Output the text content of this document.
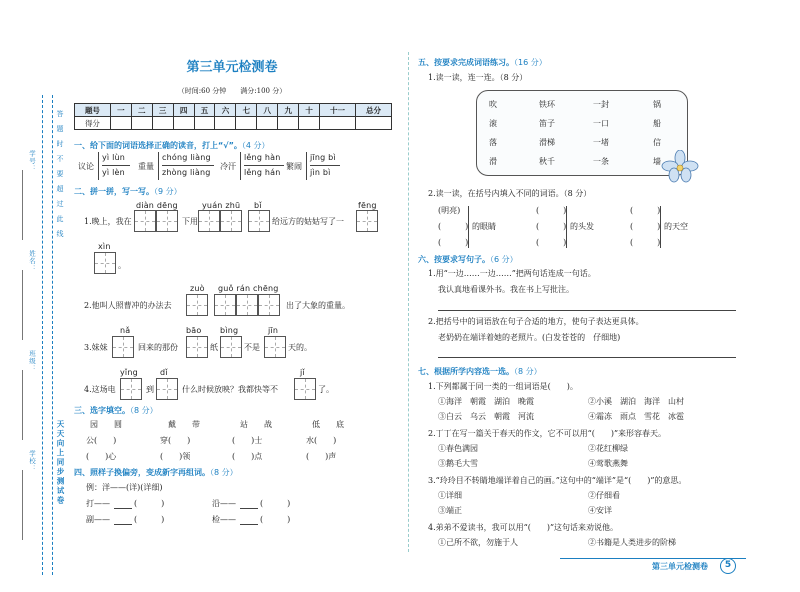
学号：
姓名：
班级：
学校：
答题时不要超过此线
天天向上同步测试卷
第三单元检测卷
（时间:60 分钟　　满分:100 分）
题号	一	二	三	四	五	六	七	八	九	十	十一	总分
得分												
一、给下面的词语选择正确的读音，打上“√”。（4 分）
议论
yì lùn
yì lèn
重量
chóng liàng
zhòng liàng
冷汗
lěng hàn
lěng hán
繁闹
jīng bì
jìn bì
二、拼一拼，写一写。（9 分）
diàn dēng	yuán zhū bǐ	fēng
1.晚上，我在	下用	给远方的姑姑写了一
xìn
。
zuò guǒ rán chēng
2.他叫人照曹冲的办法去	出了大象的重量。
nǎ	bāo bìng	jīn
3.妹妹	回来的那份	纸	不是	天的。
yǐng	dǐ	jǐ
4.这场电	到	什么时候放映？我都快等不	了。
三、选字填空。（8 分）
园　　圆	戴　　带	站　　战	低　　底
公(　　)	穿(　　)	(　　)士	水(　　)
(　　)心	(　　)领	(　　)点	(　　)声
四、照样子换偏旁，变成新字再组词。（8 分）
例：洋——(详)(详细)
打——	(　　　)	沿——	(　　　)
副——	(　　　)	检——	(　　　)
五、按要求完成词语练习。（16 分）
1.读一读，连一连。（8 分）
吹
滚
落
滑
铁环
笛子
滑梯
秋千
一封
一口
一堵
一条
锅
船
信
墙
2.读一读，在括号内填入不同的词语。（8 分）
(明亮)
(　　　)
(　　　)
的眼睛
(　　　)
(　　　)
(　　　)
的头发
(　　　)
(　　　)
(　　　)
的天空
六、按要求写句子。（6 分）
1.用“一边……一边……”把两句话连成一句话。
我认真地看课外书。我在书上写批注。
2.把括号中的词语放在句子合适的地方，使句子表达更具体。
老奶奶在端详着她的老照片。(白发苍苍的　仔细地)
七、根据所学内容选一选。（8 分）
1.下列都属于同一类的一组词语是(　　)。
①海洋　朝霞　湖泊　晚霞	②小溪　湖泊　海洋　山村
③白云　乌云　朝霞　河流	④霜冻　雨点　雪花　冰雹
2.丁丁在写一篇关于春天的作文，它不可以用“(　　)”来形容春天。
①春色满园	②花红柳绿
③鹅毛大雪	④莺歌燕舞
3.“玲玲目不转睛地端详着自己的画。”这句中的“端详”是“(　　)”的意思。
①详细	②仔细看
③端正	④安详
4.弟弟不爱读书，我可以用“(　　)”这句话来劝说他。
①己所不欲，勿施于人	②书籍是人类进步的阶梯
第三单元检测卷	5
